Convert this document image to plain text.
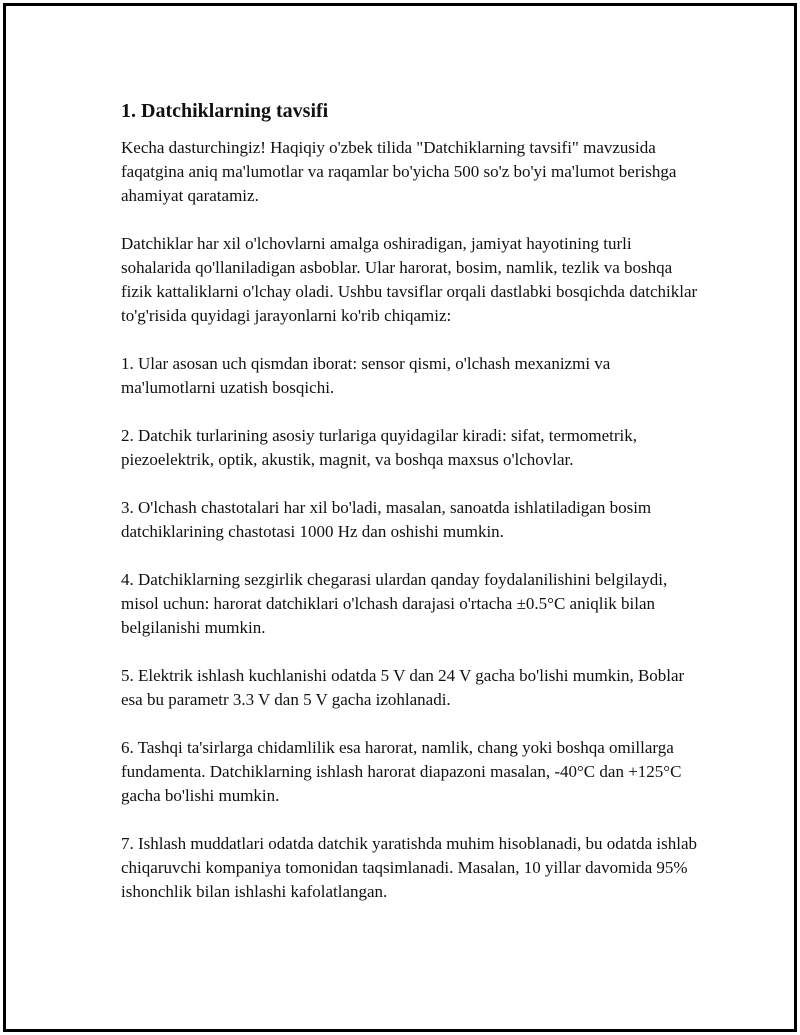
1. Datchiklarning tavsifi

Kecha dasturchingiz! Haqiqiy o'zbek tilida "Datchiklarning tavsifi" mavzusida faqatgina aniq ma'lumotlar va raqamlar bo'yicha 500 so'z bo'yi ma'lumot berishga ahamiyat qaratamiz.

Datchiklar har xil o'lchovlarni amalga oshiradigan, jamiyat hayotining turli sohalarida qo'llaniladigan asboblar. Ular harorat, bosim, namlik, tezlik va boshqa fizik kattaliklarni o'lchay oladi. Ushbu tavsiflar orqali dastlabki bosqichda datchiklar to'g'risida quyidagi jarayonlarni ko'rib chiqamiz:

1. Ular asosan uch qismdan iborat: sensor qismi, o'lchash mexanizmi va ma'lumotlarni uzatish bosqichi.

2. Datchik turlarining asosiy turlariga quyidagilar kiradi: sifat, termometrik, piezoelektrik, optik, akustik, magnit, va boshqa maxsus o'lchovlar.

3. O'lchash chastotalari har xil bo'ladi, masalan, sanoatda ishlatiladigan bosim datchiklarining chastotasi 1000 Hz dan oshishi mumkin.

4. Datchiklarning sezgirlik chegarasi ulardan qanday foydalanilishini belgilaydi, misol uchun: harorat datchiklari o'lchash darajasi o'rtacha ±0.5°C aniqlik bilan belgilanishi mumkin.

5. Elektrik ishlash kuchlanishi odatda 5 V dan 24 V gacha bo'lishi mumkin, Boblar esa bu parametr 3.3 V dan 5 V gacha izohlanadi.

6. Tashqi ta'sirlarga chidamlilik esa harorat, namlik, chang yoki boshqa omillarga fundamenta. Datchiklarning ishlash harorat diapazoni masalan, -40°C dan +125°C gacha bo'lishi mumkin.

7. Ishlash muddatlari odatda datchik yaratishda muhim hisoblanadi, bu odatda ishlab chiqaruvchi kompaniya tomonidan taqsimlanadi. Masalan, 10 yillar davomida 95% ishonchlik bilan ishlashi kafolatlangan.
